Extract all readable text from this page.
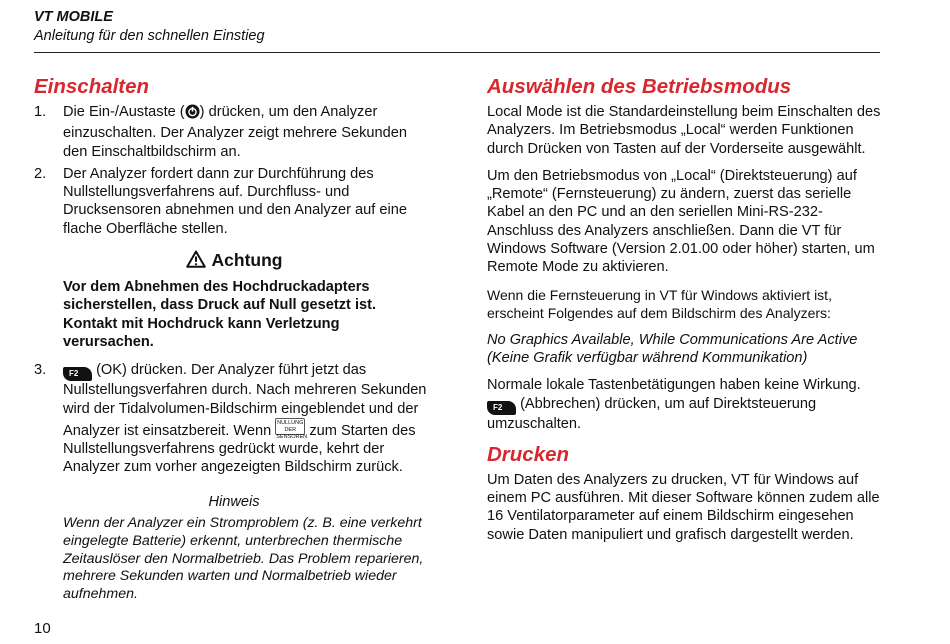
VT MOBILE
Anleitung für den schnellen Einstieg
Einschalten
1. Die Ein-/Austaste ( ) drücken, um den Analyzer einzuschalten. Der Analyzer zeigt mehrere Sekunden den Einschaltbildschirm an.
2. Der Analyzer fordert dann zur Durchführung des Nullstellungsverfahrens auf. Durchfluss- und Drucksensoren abnehmen und den Analyzer auf eine flache Oberfläche stellen.
Achtung
Vor dem Abnehmen des Hochdruckadapters sicherstellen, dass Druck auf Null gesetzt ist. Kontakt mit Hochdruck kann Verletzung verursachen.
3.	F2 (OK) drücken. Der Analyzer führt jetzt das Nullstellungsverfahren durch. Nach mehreren Sekunden wird der Tidalvolumen-Bildschirm eingeblendet und der Analyzer ist einsatzbereit. Wenn NULLUNG DER
SENSOREN zum Starten des Nullstellungsverfahrens gedrückt wurde, kehrt der Analyzer zum vorher angezeigten Bildschirm zurück.
Hinweis
Wenn der Analyzer ein Stromproblem (z. B. eine verkehrt eingelegte Batterie) erkennt, unterbrechen thermische Zeitauslöser den Normalbetrieb. Das Problem reparieren, mehrere Sekunden warten und Normalbetrieb wieder aufnehmen.
Auswählen des Betriebsmodus

Local Mode ist die Standardeinstellung beim Einschalten des Analyzers. Im Betriebsmodus „Local“ werden Funktionen durch Drücken von Tasten auf der Vorderseite ausgewählt.

Um den Betriebsmodus von „Local“ (Direktsteuerung) auf „Remote“ (Fernsteuerung) zu ändern, zuerst das serielle Kabel an den PC und an den seriellen Mini-RS-232-Anschluss des Analyzers anschließen. Dann die VT für Windows Software (Version 2.01.00 oder höher) starten, um Remote Mode zu aktivieren.

Wenn die Fernsteuerung in VT für Windows aktiviert ist, erscheint Folgendes auf dem Bildschirm des Analyzers:

No Graphics Available, While Communications Are Active (Keine Grafik verfügbar während Kommunikation)

Normale lokale Tastenbetätigungen haben keine Wirkung.
F2 (Abbrechen) drücken, um auf Direktsteuerung umzuschalten.

Drucken

Um Daten des Analyzers zu drucken, VT für Windows auf einem PC ausführen. Mit dieser Software können zudem alle 16 Ventilatorparameter auf einem Bildschirm eingesehen sowie Daten manipuliert und grafisch dargestellt werden.

10
